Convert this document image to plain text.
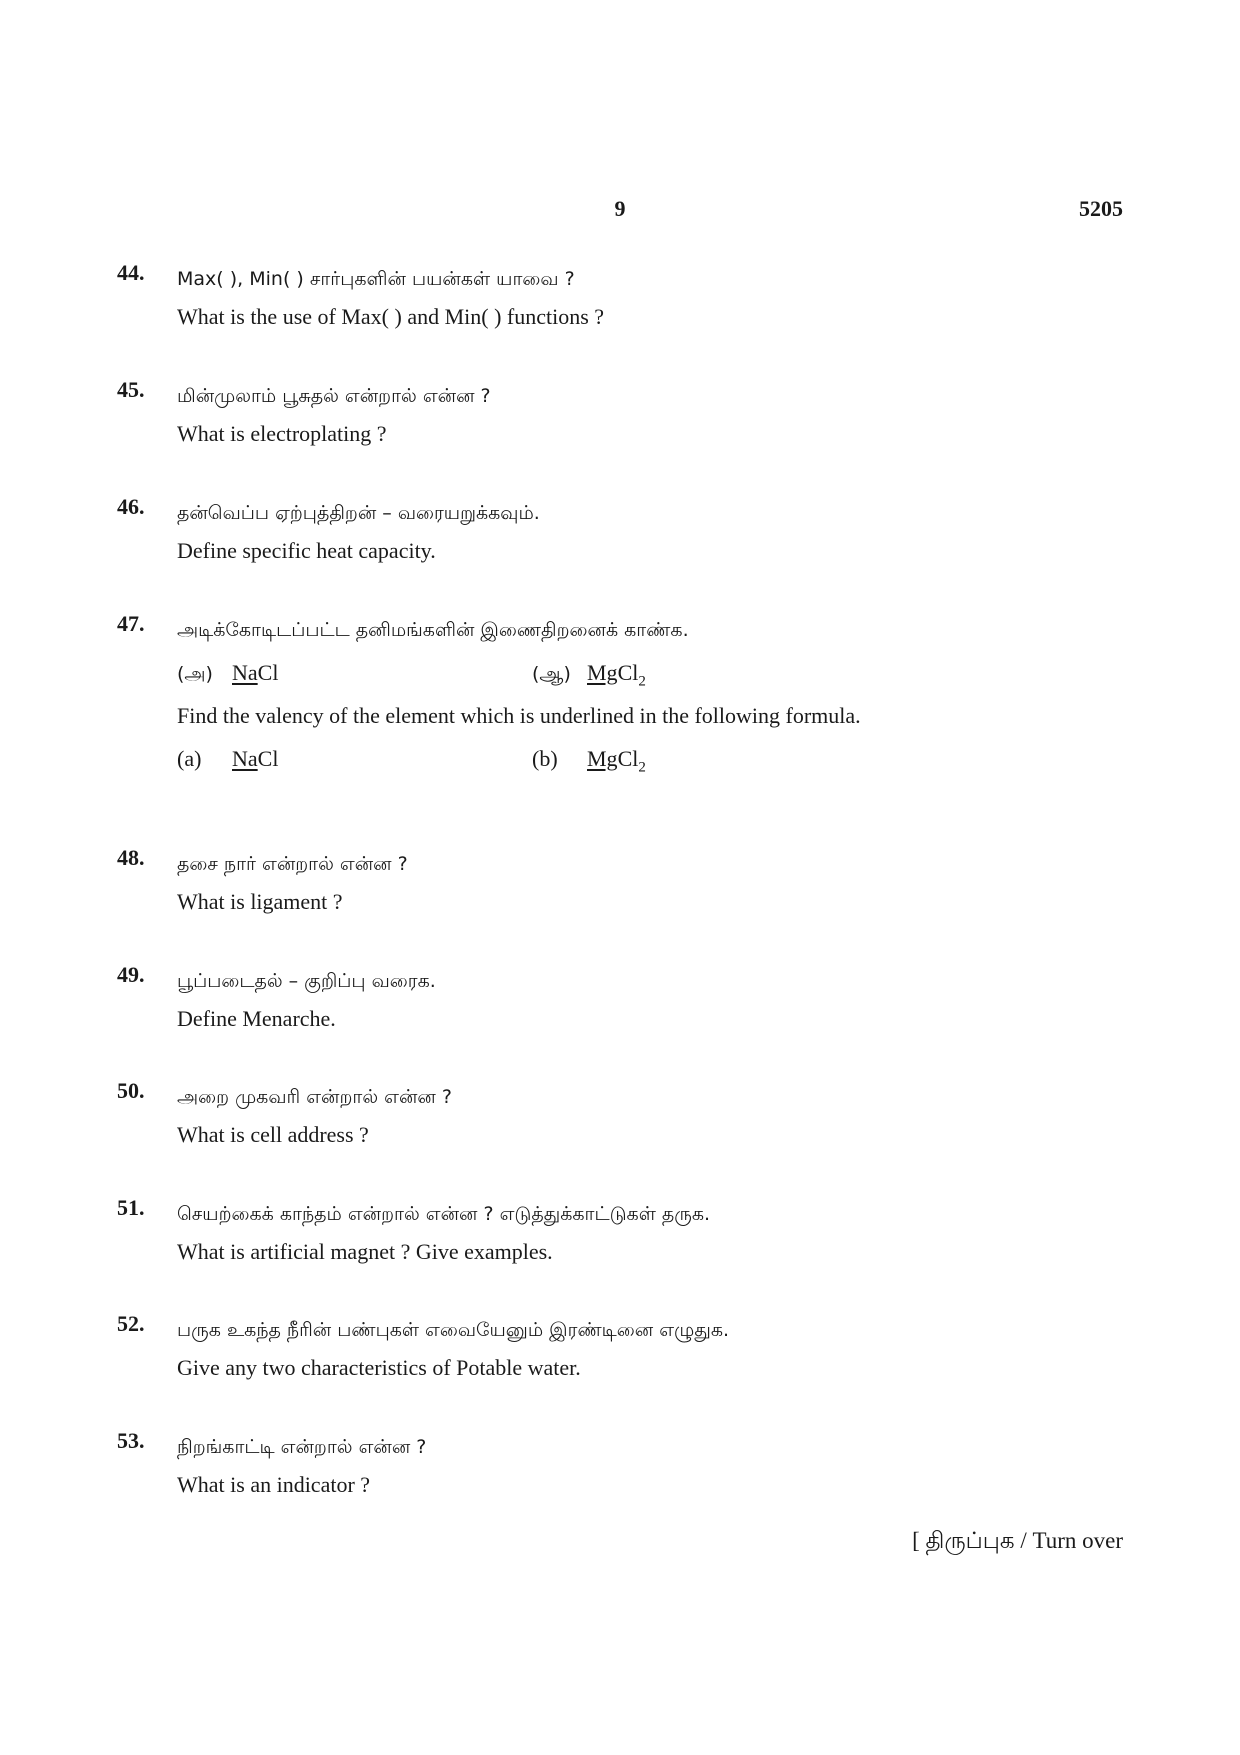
9	5205
44. Max( ), Min( ) சார்புகளின் பயன்கள் யாவை ?
What is the use of Max( ) and Min( ) functions ?
45. மின்முலாம் பூசுதல் என்றால் என்ன ?
What is electroplating ?
46. தன்வெப்ப ஏற்புத்திறன் – வரையறுக்கவும்.
Define specific heat capacity.
47. அடிக்கோடிடப்பட்ட தனிமங்களின் இணைதிறனைக் காண்க.
(அ) NaCl	(ஆ) MgCl$_2$
Find the valency of the element which is underlined in the following formula.
(a) NaCl	(b) MgCl$_2$
48. தசை நார் என்றால் என்ன ?
What is ligament ?
49. பூப்படைதல் – குறிப்பு வரைக.
Define Menarche.
50. அறை முகவரி என்றால் என்ன ?
What is cell address ?
51. செயற்கைக் காந்தம் என்றால் என்ன ? எடுத்துக்காட்டுகள் தருக.
What is artificial magnet ? Give examples.
52. பருக உகந்த நீரின் பண்புகள் எவையேனும் இரண்டினை எழுதுக.
Give any two characteristics of Potable water.
53. நிறங்காட்டி என்றால் என்ன ?
What is an indicator ?
[ திருப்புக / Turn over
